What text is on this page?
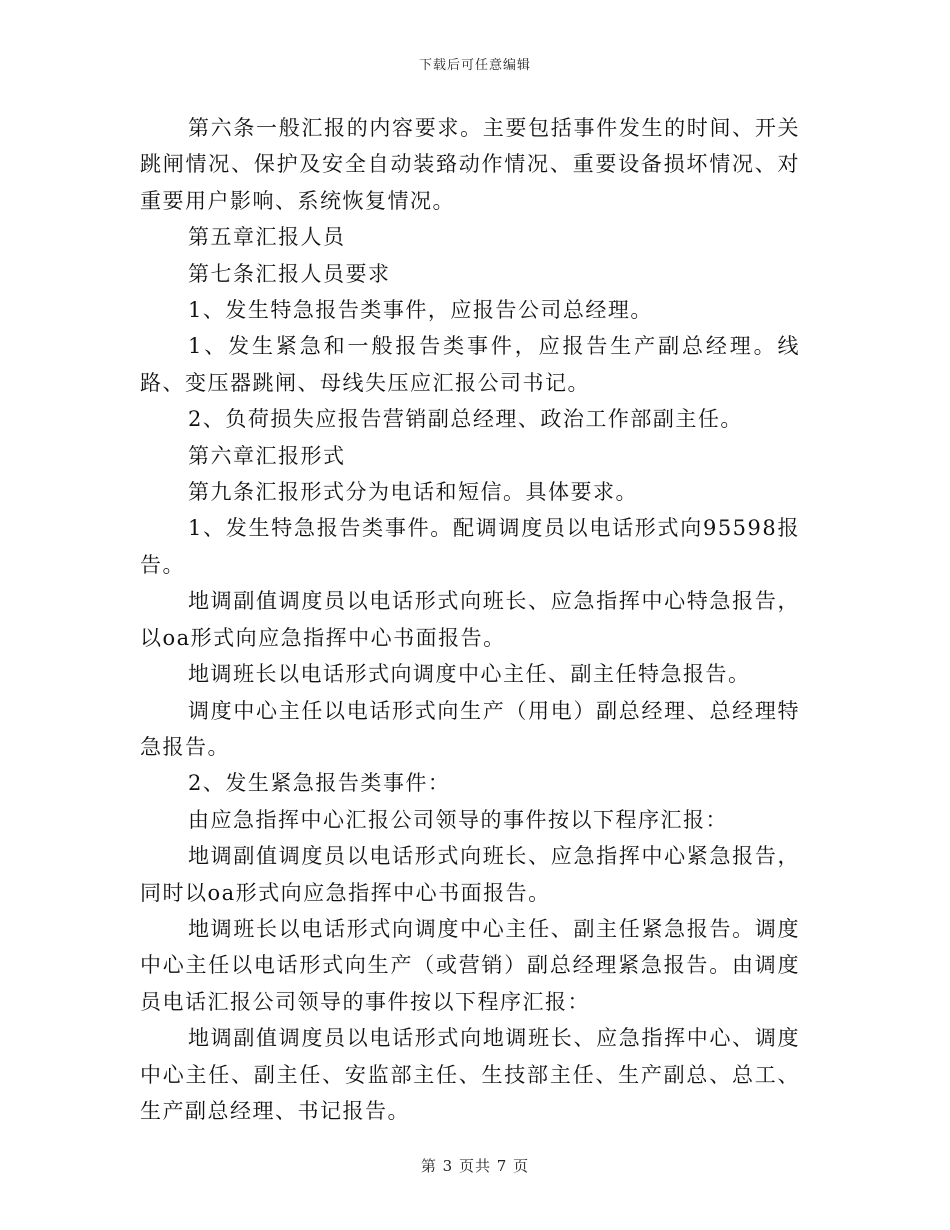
下载后可任意编辑

第六条一般汇报的内容要求。主要包括事件发生的时间、开关跳闸情况、保护及安全自动装臵动作情况、重要设备损坏情况、对重要用户影响、系统恢复情况。

第五章汇报人员

第七条汇报人员要求

1、发生特急报告类事件，应报告公司总经理。

1、发生紧急和一般报告类事件，应报告生产副总经理。线路、变压器跳闸、母线失压应汇报公司书记。

2、负荷损失应报告营销副总经理、政治工作部副主任。

第六章汇报形式

第九条汇报形式分为电话和短信。具体要求。

1、发生特急报告类事件。配调调度员以电话形式向95598报告。

地调副值调度员以电话形式向班长、应急指挥中心特急报告，以oa形式向应急指挥中心书面报告。

地调班长以电话形式向调度中心主任、副主任特急报告。

调度中心主任以电话形式向生产（用电）副总经理、总经理特急报告。

2、发生紧急报告类事件：

由应急指挥中心汇报公司领导的事件按以下程序汇报：

地调副值调度员以电话形式向班长、应急指挥中心紧急报告，同时以oa形式向应急指挥中心书面报告。

地调班长以电话形式向调度中心主任、副主任紧急报告。调度中心主任以电话形式向生产（或营销）副总经理紧急报告。由调度员电话汇报公司领导的事件按以下程序汇报：

地调副值调度员以电话形式向地调班长、应急指挥中心、调度中心主任、副主任、安监部主任、生技部主任、生产副总、总工、生产副总经理、书记报告。

第 3 页共 7 页
